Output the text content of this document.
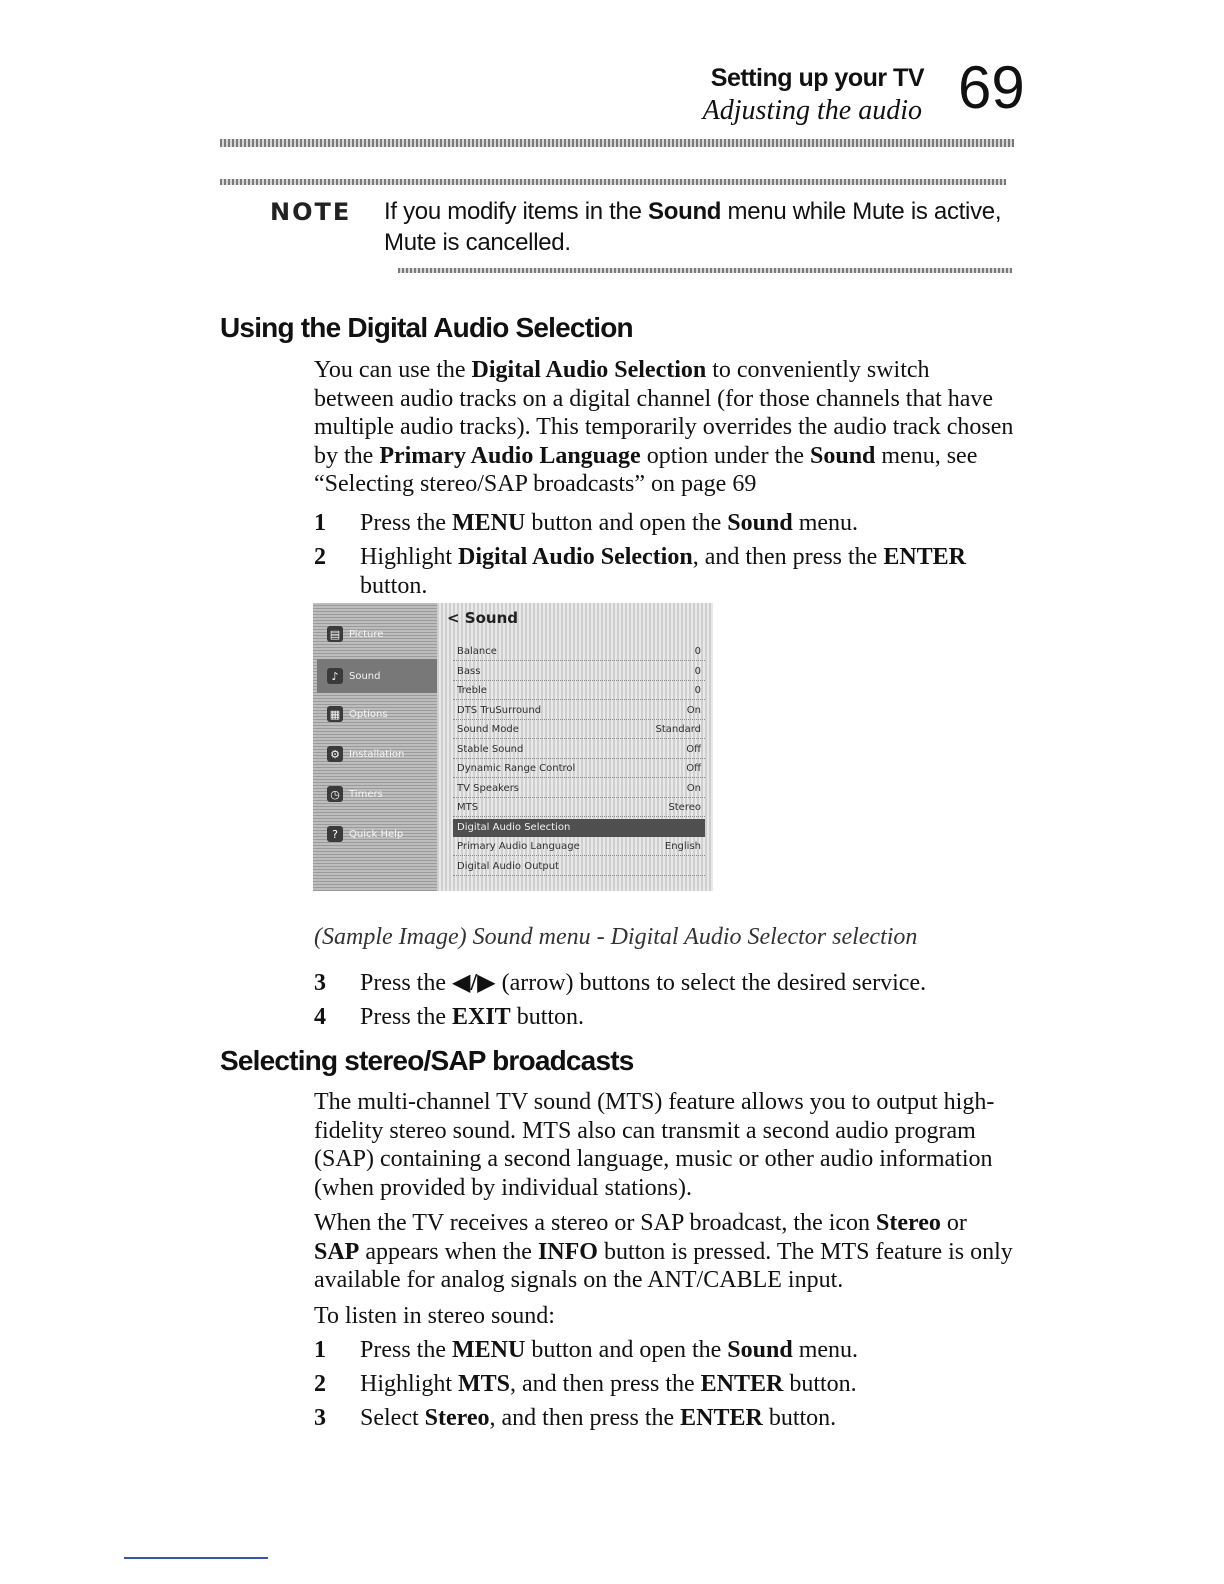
Setting up your TV
Adjusting the audio 69
NOTE If you modify items in the Sound menu while Mute is active, Mute is cancelled.
Using the Digital Audio Selection
You can use the Digital Audio Selection to conveniently switch between audio tracks on a digital channel (for those channels that have multiple audio tracks). This temporarily overrides the audio track chosen by the Primary Audio Language option under the Sound menu, see “Selecting stereo/SAP broadcasts” on page 69
1	Press the MENU button and open the Sound menu.
2	Highlight Digital Audio Selection, and then press the ENTER button.
▤ Picture
♪	Sound
▦ Options
⚙ Installation
◷ Timers
?	Quick Help
< Sound
Balance	0
Bass	0
Treble	0
DTS TruSurround	On
Sound Mode	Standard
Stable Sound	Off
Dynamic Range Control	Off
TV Speakers	On
MTS	Stereo
Digital Audio Selection
Primary Audio Language	English
Digital Audio Output
(Sample Image) Sound menu - Digital Audio Selector selection
3	Press the ◀/▶ (arrow) buttons to select the desired service.
4	Press the EXIT button.
Selecting stereo/SAP broadcasts
The multi-channel TV sound (MTS) feature allows you to output high-fidelity stereo sound. MTS also can transmit a second audio program (SAP) containing a second language, music or other audio information (when provided by individual stations).
When the TV receives a stereo or SAP broadcast, the icon Stereo or SAP appears when the INFO button is pressed. The MTS feature is only available for analog signals on the ANT/CABLE input.
To listen in stereo sound:
1	Press the MENU button and open the Sound menu.
2	Highlight MTS, and then press the ENTER button.
3	Select Stereo, and then press the ENTER button.
